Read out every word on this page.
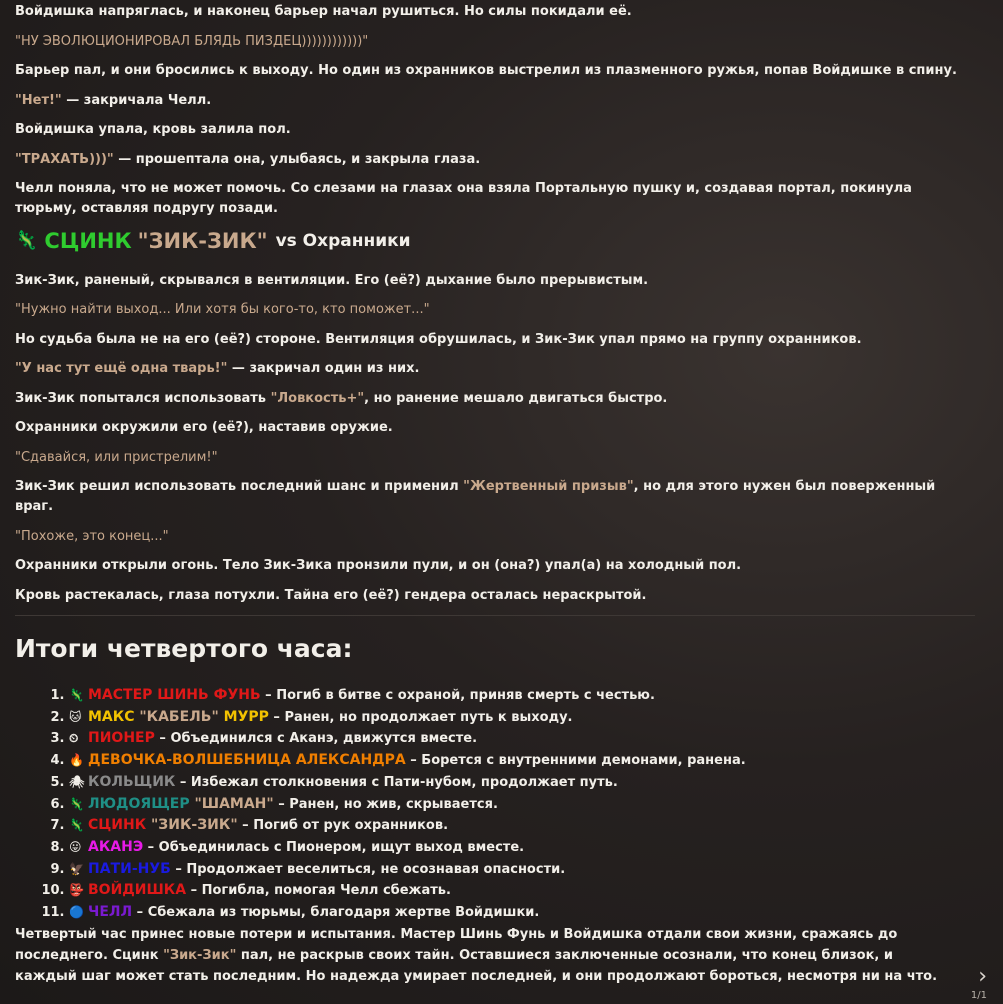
Войдишка напряглась, и наконец барьер начал рушиться. Но силы покидали её.

"НУ ЭВОЛЮЦИОНИРОВАЛ БЛЯДЬ ПИЗДЕЦ))))))))))))"

Барьер пал, и они бросились к выходу. Но один из охранников выстрелил из плазменного ружья, попав Войдишке в спину.

"Нет!" — закричала Челл.

Войдишка упала, кровь залила пол.

"ТРАХАТЬ)))" — прошептала она, улыбаясь, и закрыла глаза.

Челл поняла, что не может помочь. Со слезами на глазах она взяла Портальную пушку и, создавая портал, покинула тюрьму, оставляя подругу позади.

🦎 СЦИНК "ЗИК-ЗИК" vs Охранники

Зик-Зик, раненый, скрывался в вентиляции. Его (её?) дыхание было прерывистым.

"Нужно найти выход... Или хотя бы кого-то, кто поможет..."

Но судьба была не на его (её?) стороне. Вентиляция обрушилась, и Зик-Зик упал прямо на группу охранников.

"У нас тут ещё одна тварь!" — закричал один из них.

Зик-Зик попытался использовать "Ловкость+", но ранение мешало двигаться быстро.

Охранники окружили его (её?), наставив оружие.

"Сдавайся, или пристрелим!"

Зик-Зик решил использовать последний шанс и применил "Жертвенный призыв", но для этого нужен был поверженный враг.

"Похоже, это конец..."

Охранники открыли огонь. Тело Зик-Зика пронзили пули, и он (она?) упал(а) на холодный пол.

Кровь растекалась, глаза потухли. Тайна его (её?) гендера осталась нераскрытой.

Итоги четвертого часа:
1. 🦎 МАСТЕР ШИНЬ ФУНЬ – Погиб в битве с охраной, приняв смерть с честью.
2. 🐱 МАКС "КАБЕЛЬ" МУРР – Ранен, но продолжает путь к выходу.
3. ⏲ ПИОНЕР – Объединился с Аканэ, движутся вместе.
4. 🔥 ДЕВОЧКА-ВОЛШЕБНИЦА АЛЕКСАНДРА – Борется с внутренними демонами, ранена.
5. 🕷 КОЛЬЩИК – Избежал столкновения с Пати-нубом, продолжает путь.
6. 🦎 ЛЮДОЯЩЕР "ШАМАН" – Ранен, но жив, скрывается.
7. 🦎 СЦИНК "ЗИК-ЗИК" – Погиб от рук охранников.
8. 😛 АКАНЭ – Объединилась с Пионером, ищут выход вместе.
9. 🦅 ПАТИ-НУБ – Продолжает веселиться, не осознавая опасности.
10. 👺 ВОЙДИШКА – Погибла, помогая Челл сбежать.
11. 🔵 ЧЕЛЛ – Сбежала из тюрьмы, благодаря жертве Войдишки.

Четвертый час принес новые потери и испытания. Мастер Шинь Фунь и Войдишка отдали свои жизни, сражаясь до последнего. Сцинк "Зик-Зик" пал, не раскрыв своих тайн. Оставшиеся заключенные осознали, что конец близок, и каждый шаг может стать последним. Но надежда умирает последней, и они продолжают бороться, несмотря ни на что.	›
1/1
